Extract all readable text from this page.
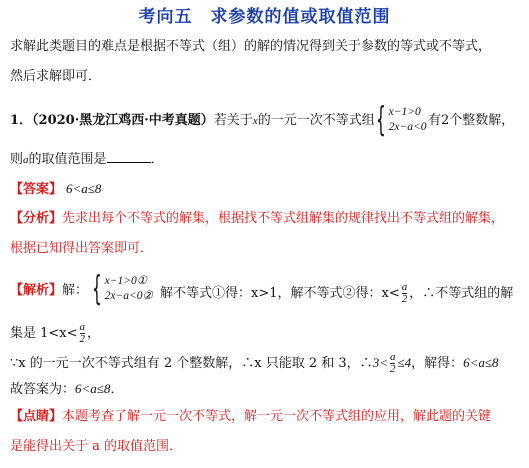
考向五　求参数的值或取值范围
求解此类题目的难点是根据不等式（组）的解的情况得到关于参数的等式或不等式，
然后求解即可．
1．（2020·黑龙江鸡西·中考真题）若关于x的一元一次不等式组 { x−1>0
2x−a<0 有2个整数解，
则a的取值范围是	．
【答案】 6<a≤8
【分析】先求出每个不等式的解集，根据找不等式组解集的规律找出不等式组的解集，
根据已知得出答案即可．
【解析】解： { x−1>0①
2x−a<0② 解不等式①得：x>1，解不等式②得：$x< \frac{a}{2}$ ，∴不等式组的解
集是 $1<x< \frac{a}{2}$ ，
∵x 的一元一次不等式组有 2 个整数解，∴x 只能取 2 和 3，∴3< $\frac{a}{2} \le 4$，解得：6<a≤8
故答案为：6<a≤8．
【点睛】本题考查了解一元一次不等式，解一元一次不等式组的应用，解此题的关键
是能得出关于 a 的取值范围．
